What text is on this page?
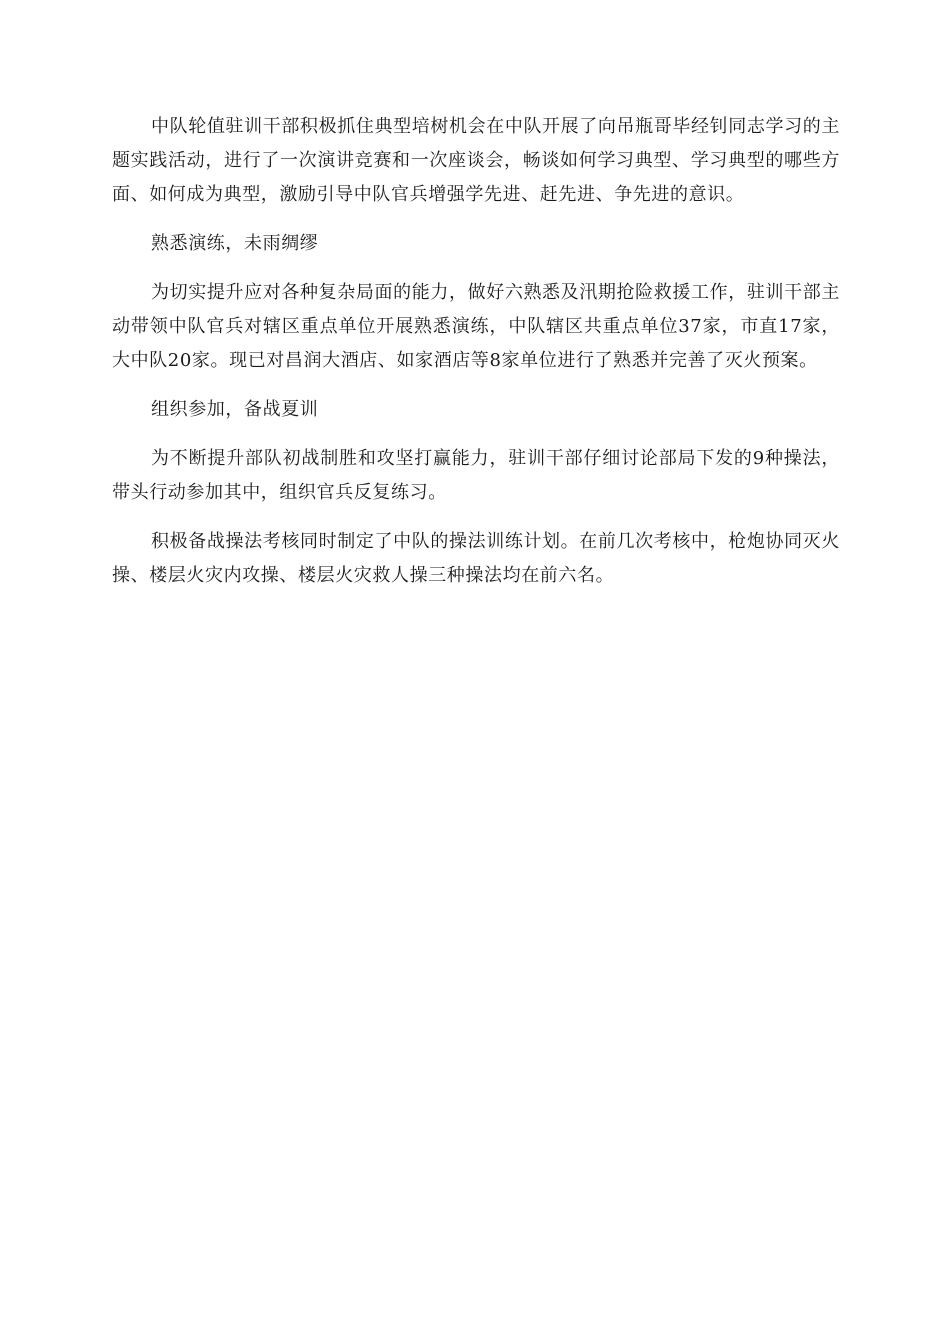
中队轮值驻训干部积极抓住典型培树机会在中队开展了向吊瓶哥毕经钊同志学习的主题实践活动，进行了一次演讲竞赛和一次座谈会，畅谈如何学习典型、学习典型的哪些方面、如何成为典型，激励引导中队官兵增强学先进、赶先进、争先进的意识。

熟悉演练，未雨绸缪

为切实提升应对各种复杂局面的能力，做好六熟悉及汛期抢险救援工作，驻训干部主动带领中队官兵对辖区重点单位开展熟悉演练，中队辖区共重点单位37家，市直17家，大中队20家。现已对昌润大酒店、如家酒店等8家单位进行了熟悉并完善了灭火预案。

组织参加，备战夏训

为不断提升部队初战制胜和攻坚打赢能力，驻训干部仔细讨论部局下发的9种操法，带头行动参加其中，组织官兵反复练习。

积极备战操法考核同时制定了中队的操法训练计划。在前几次考核中，枪炮协同灭火操、楼层火灾内攻操、楼层火灾救人操三种操法均在前六名。
